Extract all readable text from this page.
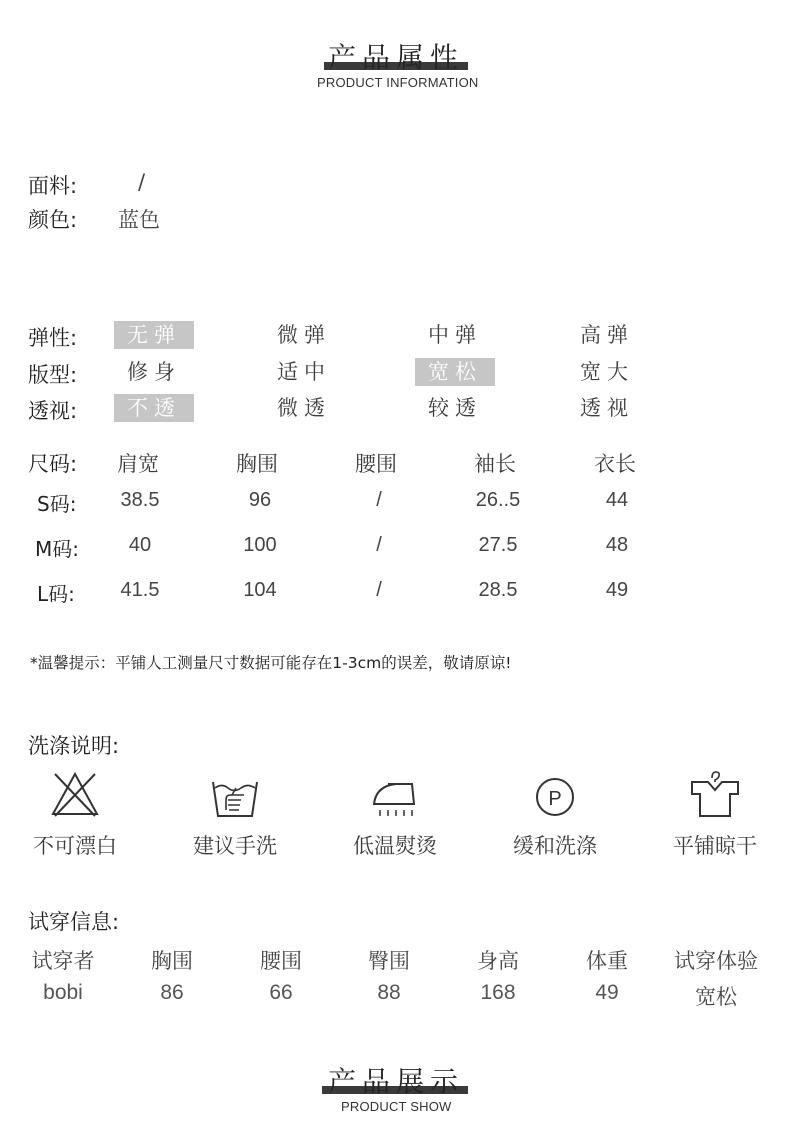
产品属性
PRODUCT INFORMATION
面料:	/
颜色: 蓝色
弹性:	无弹	微弹	中弹	高弹
版型:	修身	适中	宽松	宽大
透视:	不透	微透	较透	透视
尺码: 肩宽	胸围	腰围	袖长	衣长
S码:	38.5	96	/	26..5	44
M码:	40	100	/	27.5	48
L码:	41.5	104	/	28.5	49
*温馨提示：平铺人工测量尺寸数据可能存在1-3cm的误差，敬请原谅!
洗涤说明:
不可漂白	建议手洗	低温熨烫
P
缓和洗涤	平铺晾干
试穿信息:
试穿者	胸围	腰围	臀围	身高	体重	试穿体验
bobi	86	66	88	168	49	宽松
产品展示
PRODUCT SHOW
